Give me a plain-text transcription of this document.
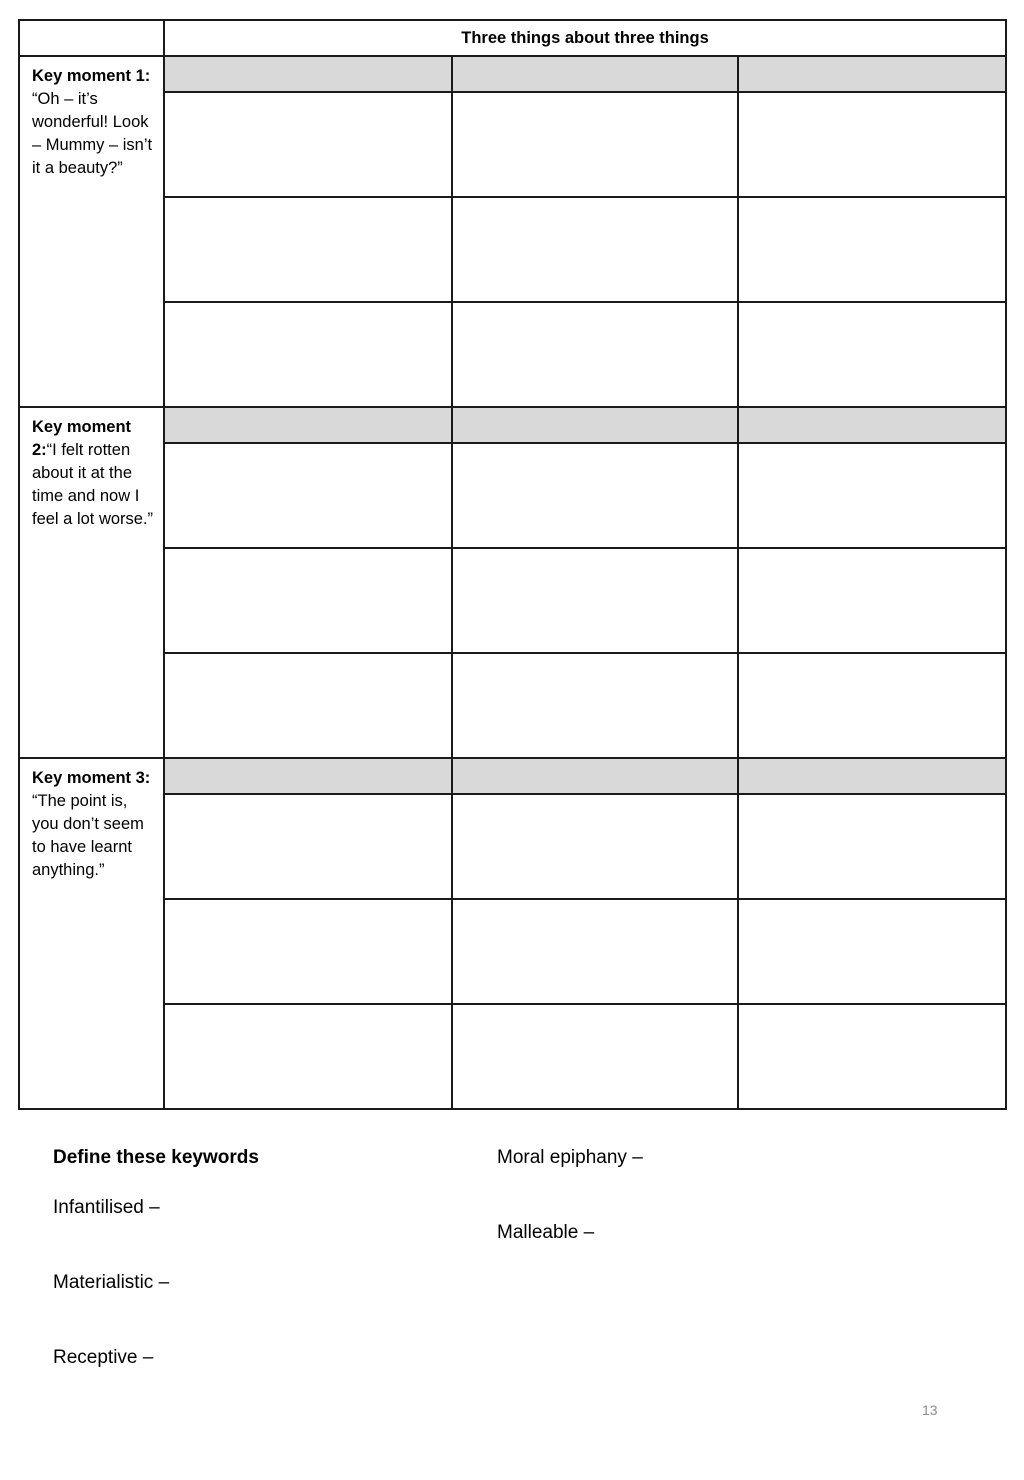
	Three things about three things		
Key moment 1: “Oh – it’s wonderful! Look – Mummy – isn’t it a beauty?”			

Key moment 2:“I felt rotten about it at the time and now I feel a lot worse.”			

Key moment 3: “The point is, you don’t seem to have learnt anything.”			

Define these keywords
Infantilised –
Materialistic –
Receptive –
Moral epiphany –
Malleable –
13
